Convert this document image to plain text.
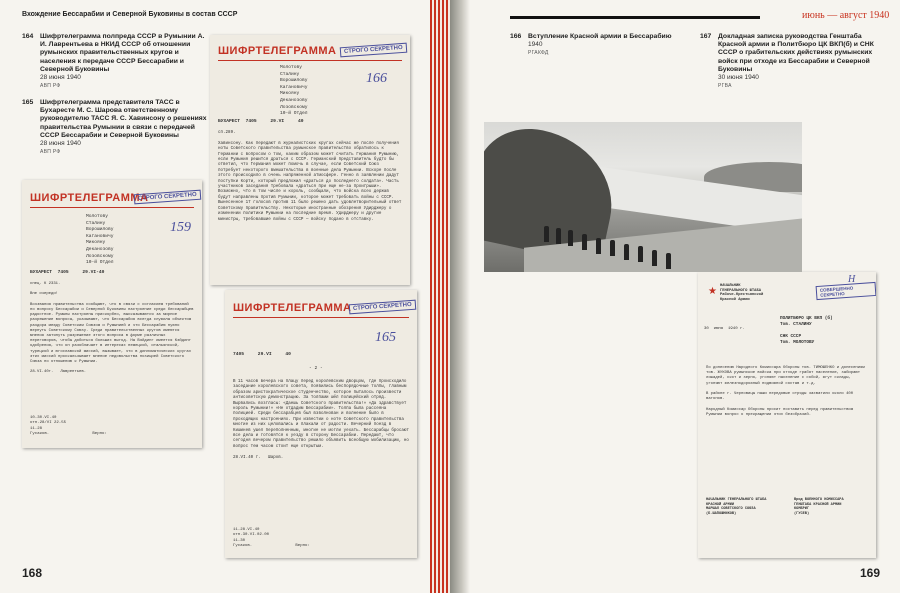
Вхождение Бессарабии и Северной Буковины в состав СССР
164 Шифртелеграмма полпреда СССР в Румынии А. И. Лаврентьева в НКИД СССР об отношении румынских правительственных кругов и населения к передаче СССР Бессарабии и Северной Буковины
28 июня 1940
АВП РФ
165 Шифртелеграмма представителя ТАСС в Бухаресте М. С. Шарова ответственному руководителю ТАСС Я. С. Хавинсону о решениях правительства Румынии в связи с передачей СССР Бессарабии и Северной Буковины
28 июня 1940
АВП РФ
ШИФРТЕЛЕГРАММА
СТРОГО СЕКРЕТНО
Молотову
Сталину
Ворошилову
Кагановичу
Микояну
Деканозову
Лозовскому
10-й Отдел
159
БУХАРЕСТ  7405     29.VI-40
спец. К 2331.

Вне очереди!

Воззвания правительства сообщают, что в связи с согласием требований по вопросу Бессарабии и Северной Буковины настроение среди бессарабцев радостное. Румыны настроены прискорбно, высказываются за мирное разрешение вопроса, указывают, что Бессарабия всегда служила объектом раздора между Советским Союзом и Румынией и что Бессарабию нужно вернуть Советскому Союзу. Среди правительственных кругов имеются мнения затянуть разрешение этого вопроса в форме различных переговоров, чтобы добиться больших выгод. На Вэйдинг имеется Кэйдинг одобрения, что он разоблачает в интересах немецкой, итальянской, турецкой и югославской миссий, вызывает, что в дипломатических кругах этих миссий проскальзывает мнение недовольства позицией Советского Союза по отношению к Румынии.

28.VI.40г.   Лаврентьев.
10-30.VI.40
отп.28/VI 22-55
11-28
Гусаков.                  Верно:
ШИФРТЕЛЕГРАММА	СТРОГО СЕКРЕТНО
Молотову
Сталину
Ворошилову
Кагановичу
Микояну
Деканозову
Лозовскому
10-й Отдел
166
БУХАРЕСТ  7405     29.VI     40
сп.289.

Хавинсону. Как передают в журналистских кругах сейчас же после получения ноты Советского правительства румынское правительство обратилось к Германии с вопросом о том, каким образом может считать Германия Румынию, если Румыния решится драться с СССР. Германский представитель будто бы ответил, что Германия может помочь в случае, если Советский Союз потребует некоторого вмешательства в военные дела Румынии. Вскоре после этого происходило в очень напряженной атмосфере. Генно в заявлении дадут поступки Корти, который предложил «драться до последнего солдата». Часть участников заседания требовала «драться при еще не-за проигрыши». Возможно, что в том числе и король, сообщали, что войска всех держав будут направлены против Румынии, которое может требовать войны с СССР. Вынесенное 17 голосов против 11 было решено дать удовлетворительный ответ Советскому правительству. Некоторые иностранные обозрения Удирджеру о изменении политики Румынии на последние время. Удирджеру и другие министры, требовавшие войны с СССР — войску подано в отставку.
ШИФРТЕЛЕГРАММА СТРОГО СЕКРЕТНО
165
7405     29.VI     40
- 2 -
В 11 часов вечера на плацу перед королевским дворцом, где происходило заседание королевского совета, появились беспорядочные толпы, главным образом аристократическое студенчество, которое пыталось произвести антисоветскую демонстрацию. За толпами шёл полицейский отряд. Вырвались возгласы: «Даешь Советского правительства!» «Да здравствует король Румынии!» «Не отдадим Бессарабии». Толпа была рассеяна полицией. Среди бессарабцев был взволнован и волнение было в проходящих настроениях. При известии о ноте Советского правительства многие из них целовались и плакали от радости. Вечерний поезд в Кишинев ушел переполненным, многие не могли уехать. Бессарабцы бросают все дела и готовятся к уезду в сторону Бессарабии. Передают, что сегодня вечером правительство решило объявить всеобщую мобилизацию, но вопрос тем часом стоит еще открытым.

28.VI.40 г.   Шаров.
11-28.VI.40
отп.30.VI.02.00
11-30
Гусаков.                  Верно:
168
июнь — август 1940
166 Вступление Красной армии в Бессарабию
1940
РГАКФД
167 Докладная записка руководства Генштаба Красной армии в Политбюро ЦК ВКП(б) и СНК СССР о грабительских действиях румынских войск при отходе из Бессарабии и Северной Буковины
30 июня 1940
РГВА
★ НАЧАЛЬНИК
ГЕНЕРАЛЬНОГО ШТАБА
Рабоче-Крестьянской
Красной Армии
СОВЕРШЕННО СЕКРЕТНО
Н
30  июня  1940 г.
ПОЛИТБЮРО ЦК ВКП (б)
Тов. СТАЛИНУ

СНК СССР
Тов. МОЛОТОВУ
По донесению Народного Комиссара Обороны тов. ТИМОШЕНКО и донесениям тов. ЖУКОВА румынские войска при отходе грабят население, забирают лошадей, скот и зерно, угоняют население с собой, жгут склады, угоняют железнодорожный подвижной состав и т.д.

В районе г. Черновицы наши передовые отряды захватили около 400 вагонов.

Народный Комиссар Обороны просит поставить перед правительством Румынии вопрос о прекращении этих безобразий.
НАЧАЛЬНИК ГЕНЕРАЛЬНОГО ШТАБА
КРАСНОЙ АРМИИ
МАРШАЛ СОВЕТСКОГО СОЮЗА
(Б.ШАПОШНИКОВ)
Врид ВОЕННОГО КОМИССАРА
ГЕНШТАБА КРАСНОЙ АРМИИ
КОМБРИГ
(ГУСЕВ)
169
